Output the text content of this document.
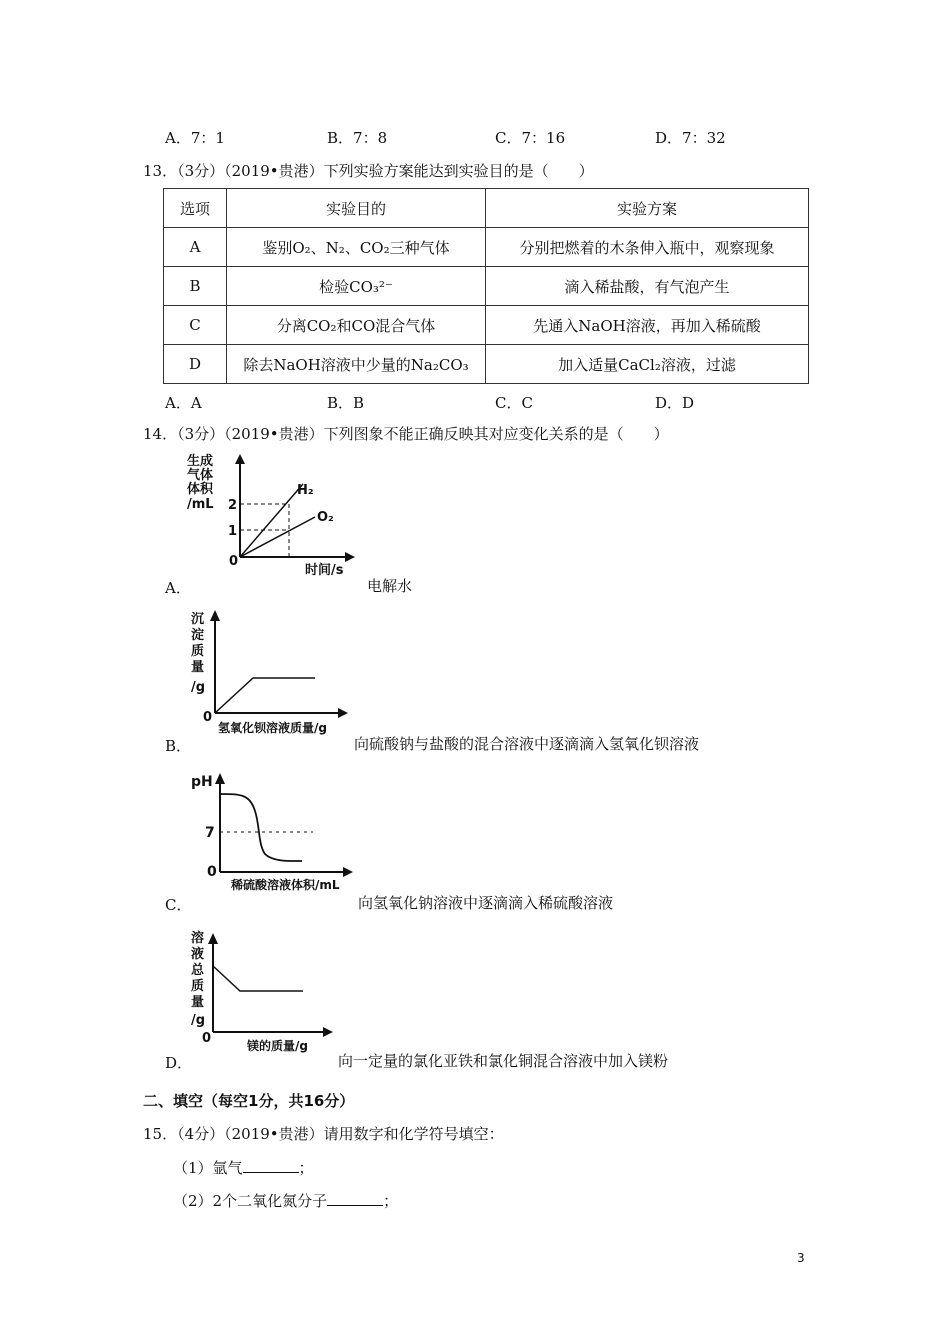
A．7：1	B．7：8	C．7：16	D．7：32
13．（3分）（2019•贵港）下列实验方案能达到实验目的是（　　）
选项	实验目的	实验方案
A	鉴别O₂、N₂、CO₂三种气体	分别把燃着的木条伸入瓶中，观察现象
B	检验CO₃²⁻	滴入稀盐酸，有气泡产生
C	分离CO₂和CO混合气体	先通入NaOH溶液，再加入稀硫酸
D	除去NaOH溶液中少量的Na₂CO₃	加入适量CaCl₂溶液，过滤
A．A	B．B	C．C	D．D
14．（3分）（2019•贵港）下列图象不能正确反映其对应变化关系的是（　　）
生成
气体
体积
/mL 2
1
0
H₂
O₂
时间/s
A．	电解水
沉
淀
质
量
/g
0
氢氧化钡溶液质量/g
B．	向硫酸钠与盐酸的混合溶液中逐滴滴入氢氧化钡溶液
pH
7
0
稀硫酸溶液体积/mL
C．	向氢氧化钠溶液中逐滴滴入稀硫酸溶液
溶
液
总
质
量
/g
0	镁的质量/g
D．	向一定量的氯化亚铁和氯化铜混合溶液中加入镁粉
二、填空（每空1分，共16分）
15．（4分）（2019•贵港）请用数字和化学符号填空：
（1）氩气	；
（2）2个二氧化氮分子	；
3
